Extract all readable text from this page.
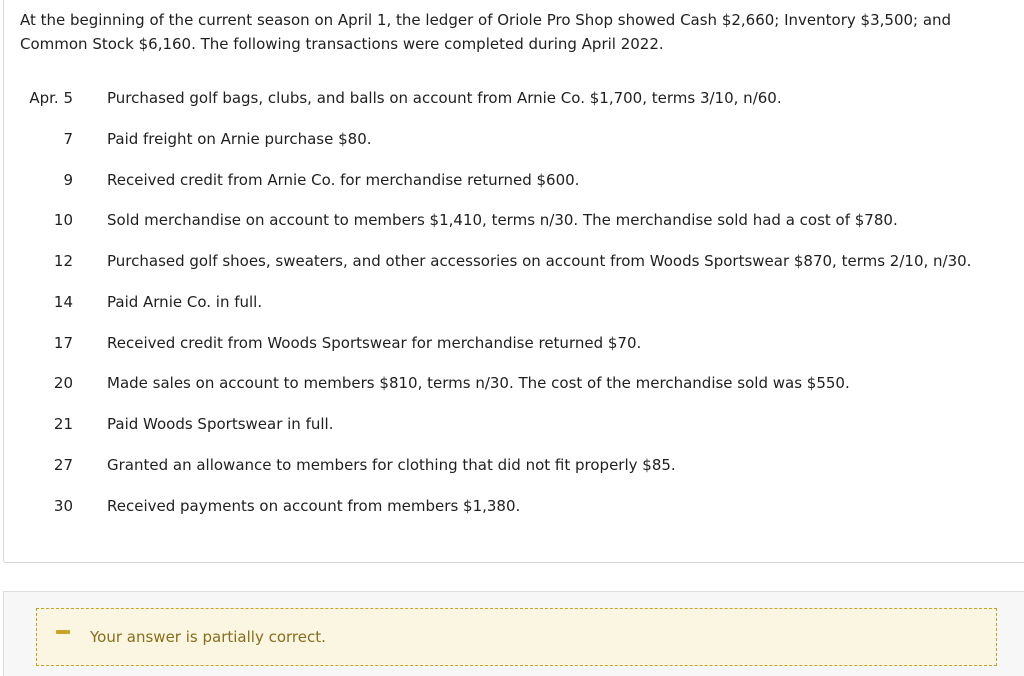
At the beginning of the current season on April 1, the ledger of Oriole Pro Shop showed Cash $2,660; Inventory $3,500; and Common Stock $6,160. The following transactions were completed during April 2022.
Apr. 5 Purchased golf bags, clubs, and balls on account from Arnie Co. $1,700, terms 3/10, n/60.
7 Paid freight on Arnie purchase $80.
9 Received credit from Arnie Co. for merchandise returned $600.
10 Sold merchandise on account to members $1,410, terms n/30. The merchandise sold had a cost of $780.
12 Purchased golf shoes, sweaters, and other accessories on account from Woods Sportswear $870, terms 2/10, n/30.
14 Paid Arnie Co. in full.
17 Received credit from Woods Sportswear for merchandise returned $70.
20 Made sales on account to members $810, terms n/30. The cost of the merchandise sold was $550.
21 Paid Woods Sportswear in full.
27 Granted an allowance to members for clothing that did not fit properly $85.
30 Received payments on account from members $1,380.
Your answer is partially correct.
